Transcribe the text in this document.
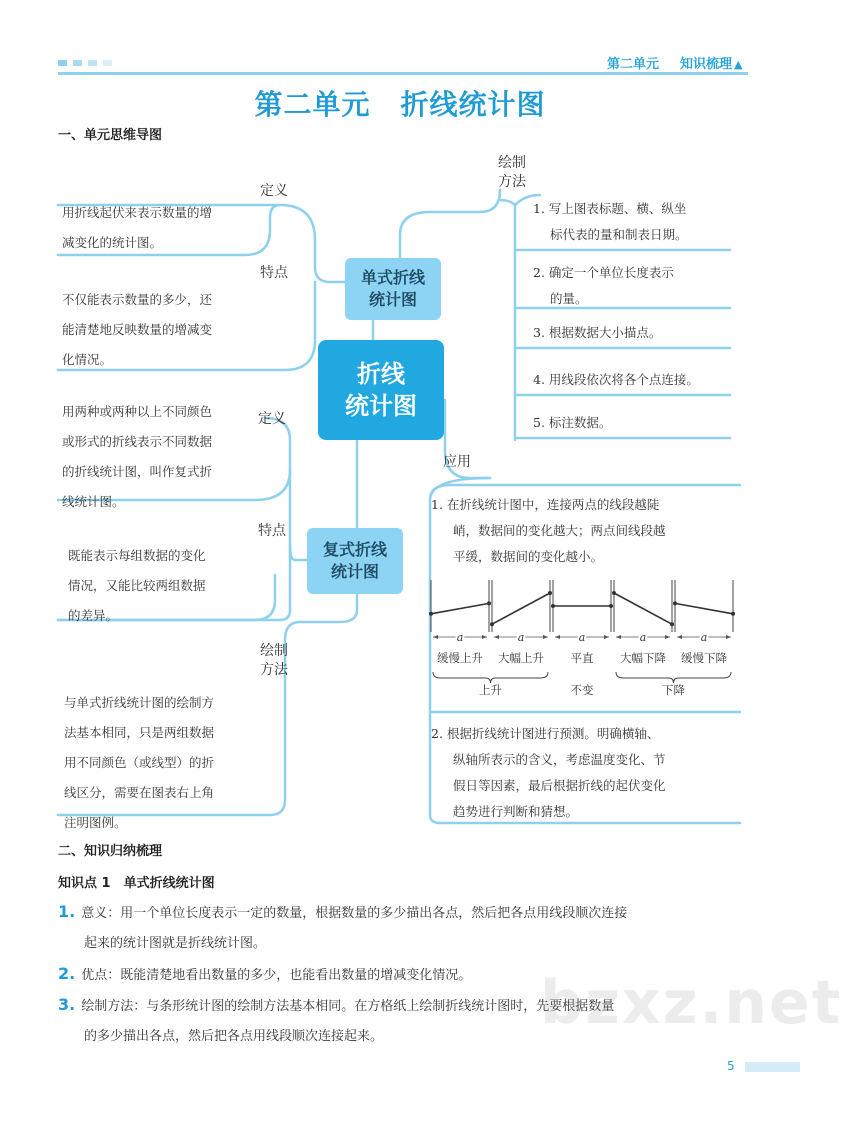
第二单元 知识梳理 ▲
第二单元 折线统计图
一、单元思维导图
单式折线
统计图
折线
统计图
复式折线
统计图
定义
用折线起伏来表示数量的增
减变化的统计图。
特点
不仅能表示数量的多少，还
能清楚地反映数量的增减变
化情况。
绘制
方法
1. 写上图表标题、横、纵坐
标代表的量和制表日期。
2. 确定一个单位长度表示
的量。
3. 根据数据大小描点。
4. 用线段依次将各个点连接。
5. 标注数据。
应用
1. 在折线统计图中，连接两点的线段越陡
峭，数据间的变化越大；两点间线段越
平缓，数据间的变化越小。
a
缓慢上升
a
大幅上升
a
平直
a
大幅下降
a
缓慢下降
上升	不变	下降
2. 根据折线统计图进行预测。明确横轴、
纵轴所表示的含义，考虑温度变化、节
假日等因素，最后根据折线的起伏变化
趋势进行判断和猜想。
定义
用两种或两种以上不同颜色
或形式的折线表示不同数据
的折线统计图，叫作复式折
线统计图。
特点
既能表示每组数据的变化
情况，又能比较两组数据
的差异。
绘制
方法
与单式折线统计图的绘制方
法基本相同，只是两组数据
用不同颜色（或线型）的折
线区分，需要在图表右上角
注明图例。
二、知识归纳梳理
知识点 1　单式折线统计图
1. 意义：用一个单位长度表示一定的数量，根据数量的多少描出各点，然后把各点用线段顺次连接
起来的统计图就是折线统计图。
2. 优点：既能清楚地看出数量的多少，也能看出数量的增减变化情况。
3. 绘制方法：与条形统计图的绘制方法基本相同。在方格纸上绘制折线统计图时，先要根据数量
的多少描出各点，然后把各点用线段顺次连接起来。	bzxz.net
5
